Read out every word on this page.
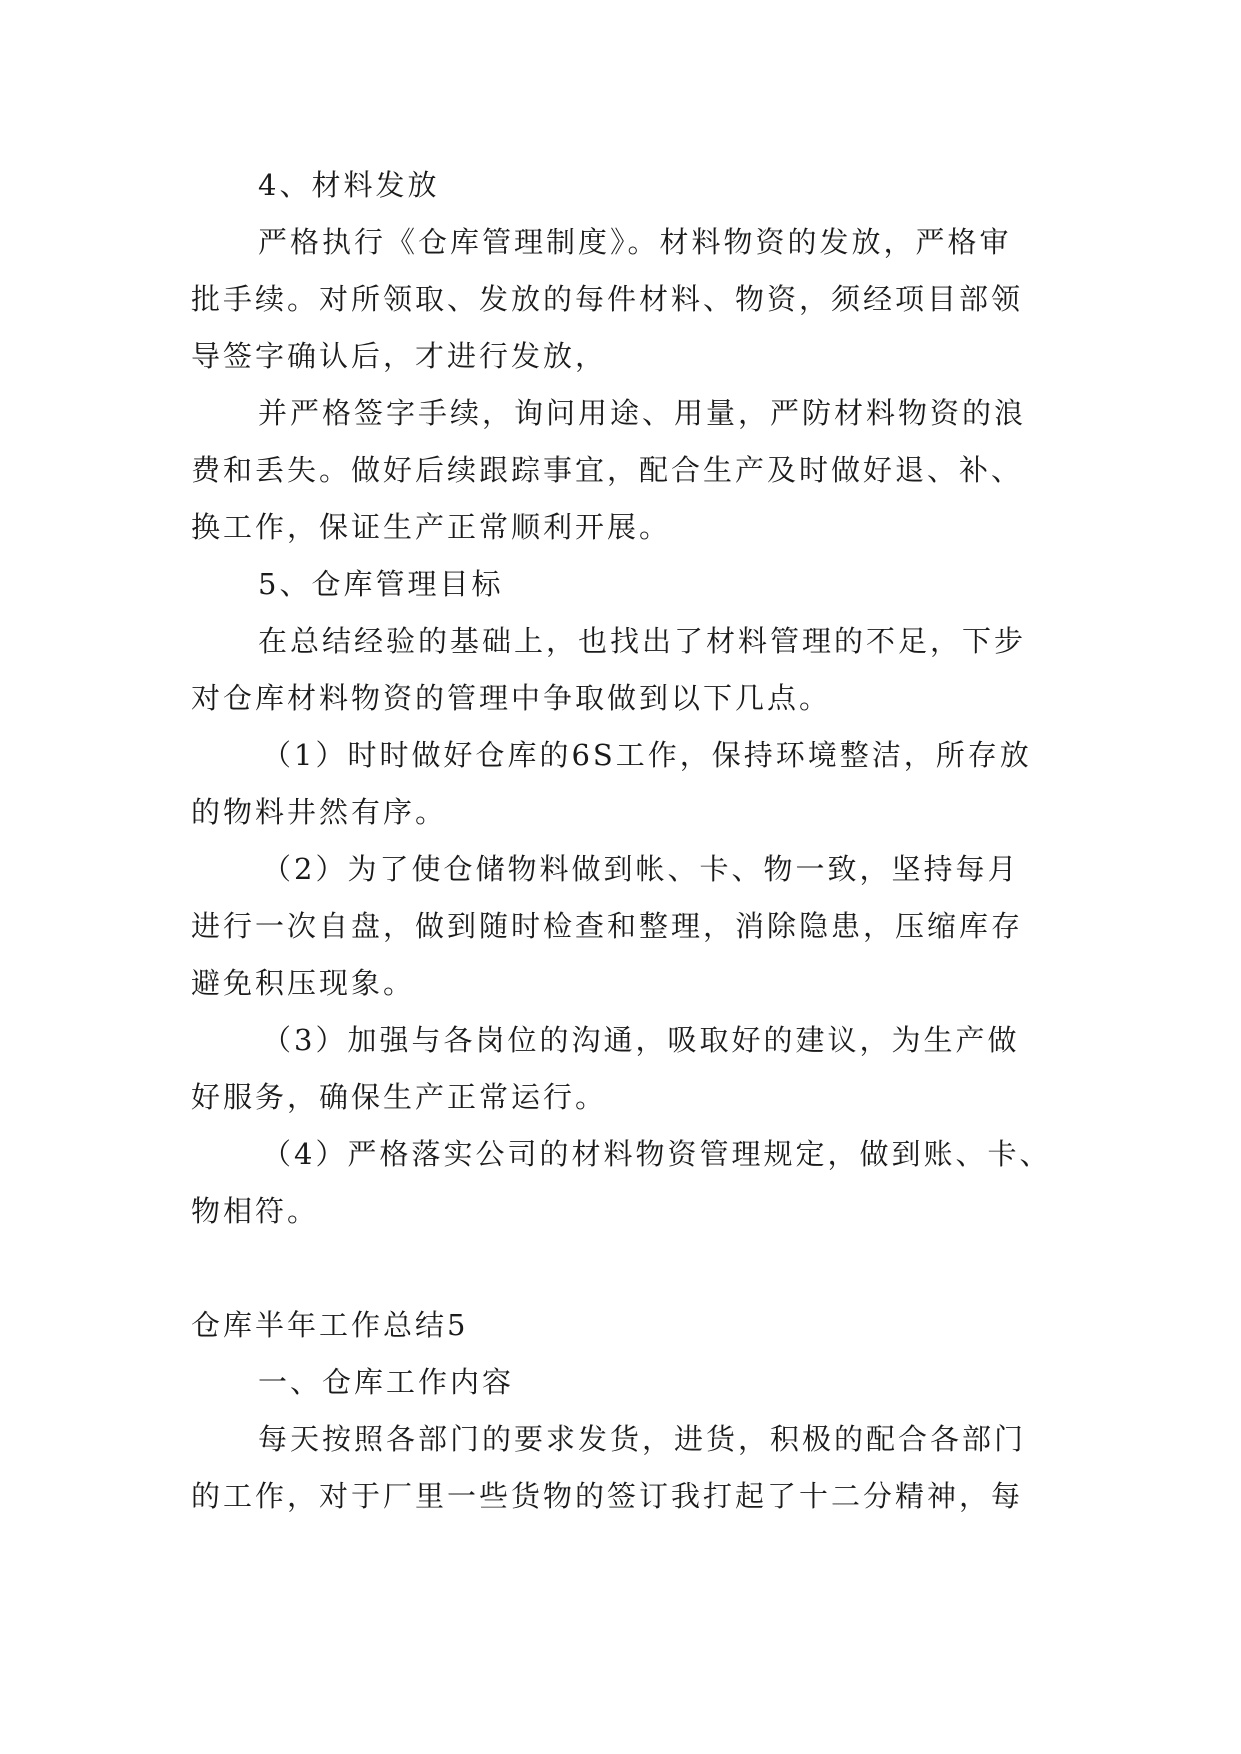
4、材料发放
严格执行《仓库管理制度》。材料物资的发放，严格审
批手续。对所领取、发放的每件材料、物资，须经项目部领
导签字确认后，才进行发放，
并严格签字手续，询问用途、用量，严防材料物资的浪
费和丢失。做好后续跟踪事宜，配合生产及时做好退、补、
换工作，保证生产正常顺利开展。
5、仓库管理目标
在总结经验的基础上，也找出了材料管理的不足，下步
对仓库材料物资的管理中争取做到以下几点。
（1）时时做好仓库的6S工作，保持环境整洁，所存放
的物料井然有序。
（2）为了使仓储物料做到帐、卡、物一致，坚持每月
进行一次自盘，做到随时检查和整理，消除隐患，压缩库存
避免积压现象。
（3）加强与各岗位的沟通，吸取好的建议，为生产做
好服务，确保生产正常运行。
（4）严格落实公司的材料物资管理规定，做到账、卡、
物相符。
仓库半年工作总结5
一、仓库工作内容
每天按照各部门的要求发货，进货，积极的配合各部门
的工作，对于厂里一些货物的签订我打起了十二分精神，每
